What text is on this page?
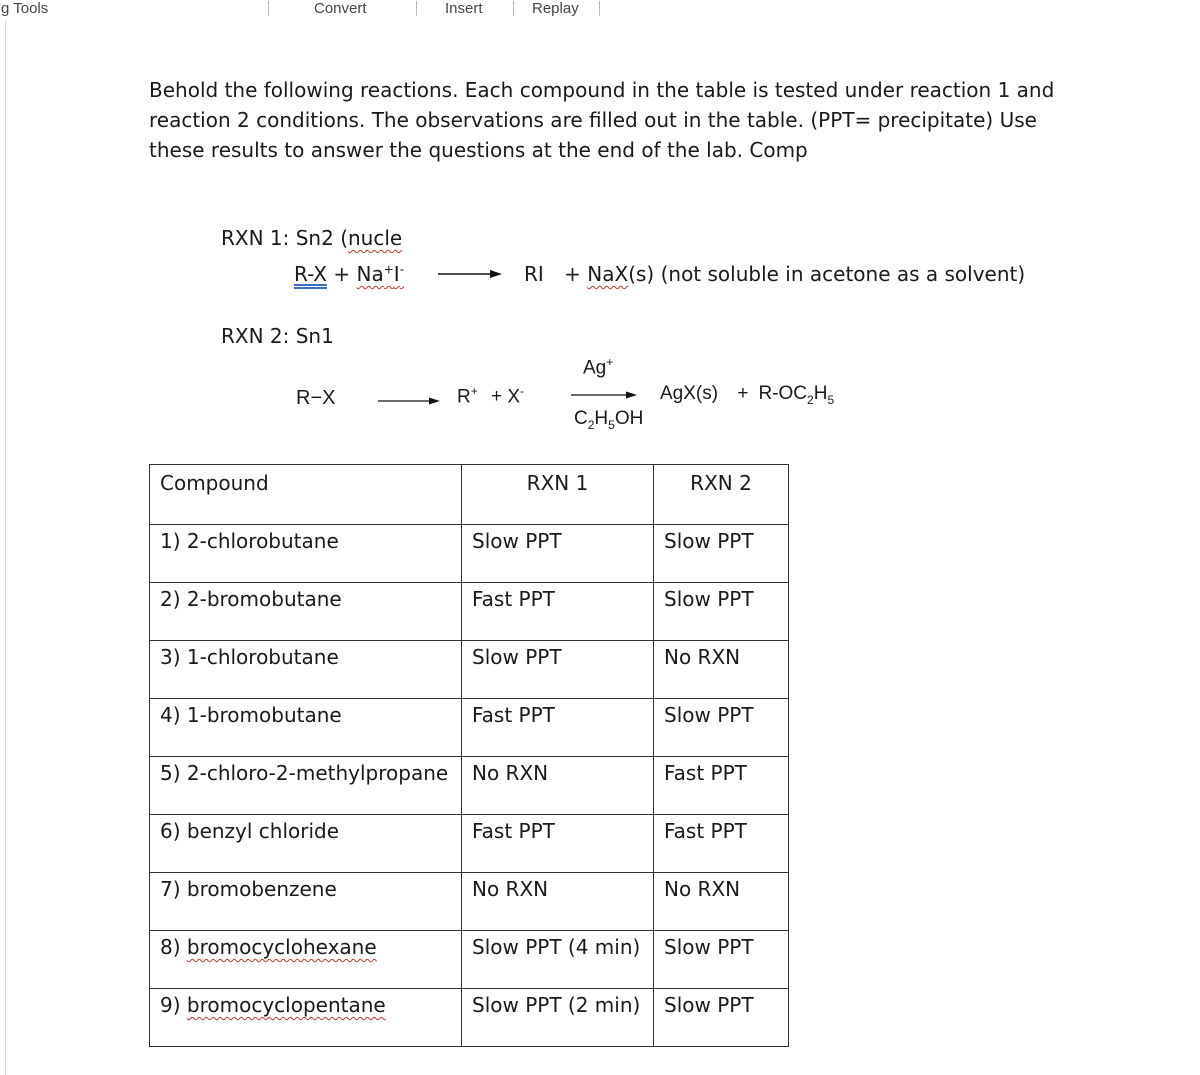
g Tools	Convert	Insert	Replay
Behold the following reactions. Each compound in the table is tested under reaction 1 and reaction 2 conditions. The observations are filled out in the table. (PPT= precipitate) Use these results to answer the questions at the end of the lab. Comp
RXN 1: Sn2 (nucle
R-X + Na+I-	RI + NaX(s) (not soluble in acetone as a solvent)
RXN 2: Sn1
R−X	R+ + X-
Ag+
$C_2H_5OH$
$AgX(s) + R-OC_2H_5$
Compound	RXN 1	RXN 2
1) 2-chlorobutane	Slow PPT	Slow PPT
2) 2-bromobutane	Fast PPT	Slow PPT
3) 1-chlorobutane	Slow PPT	No RXN
4) 1-bromobutane	Fast PPT	Slow PPT
5) 2-chloro-2-methylpropane	No RXN	Fast PPT
6) benzyl chloride	Fast PPT	Fast PPT
7) bromobenzene	No RXN	No RXN
8) bromocyclohexane	Slow PPT (4 min)	Slow PPT
9) bromocyclopentane	Slow PPT (2 min)	Slow PPT
